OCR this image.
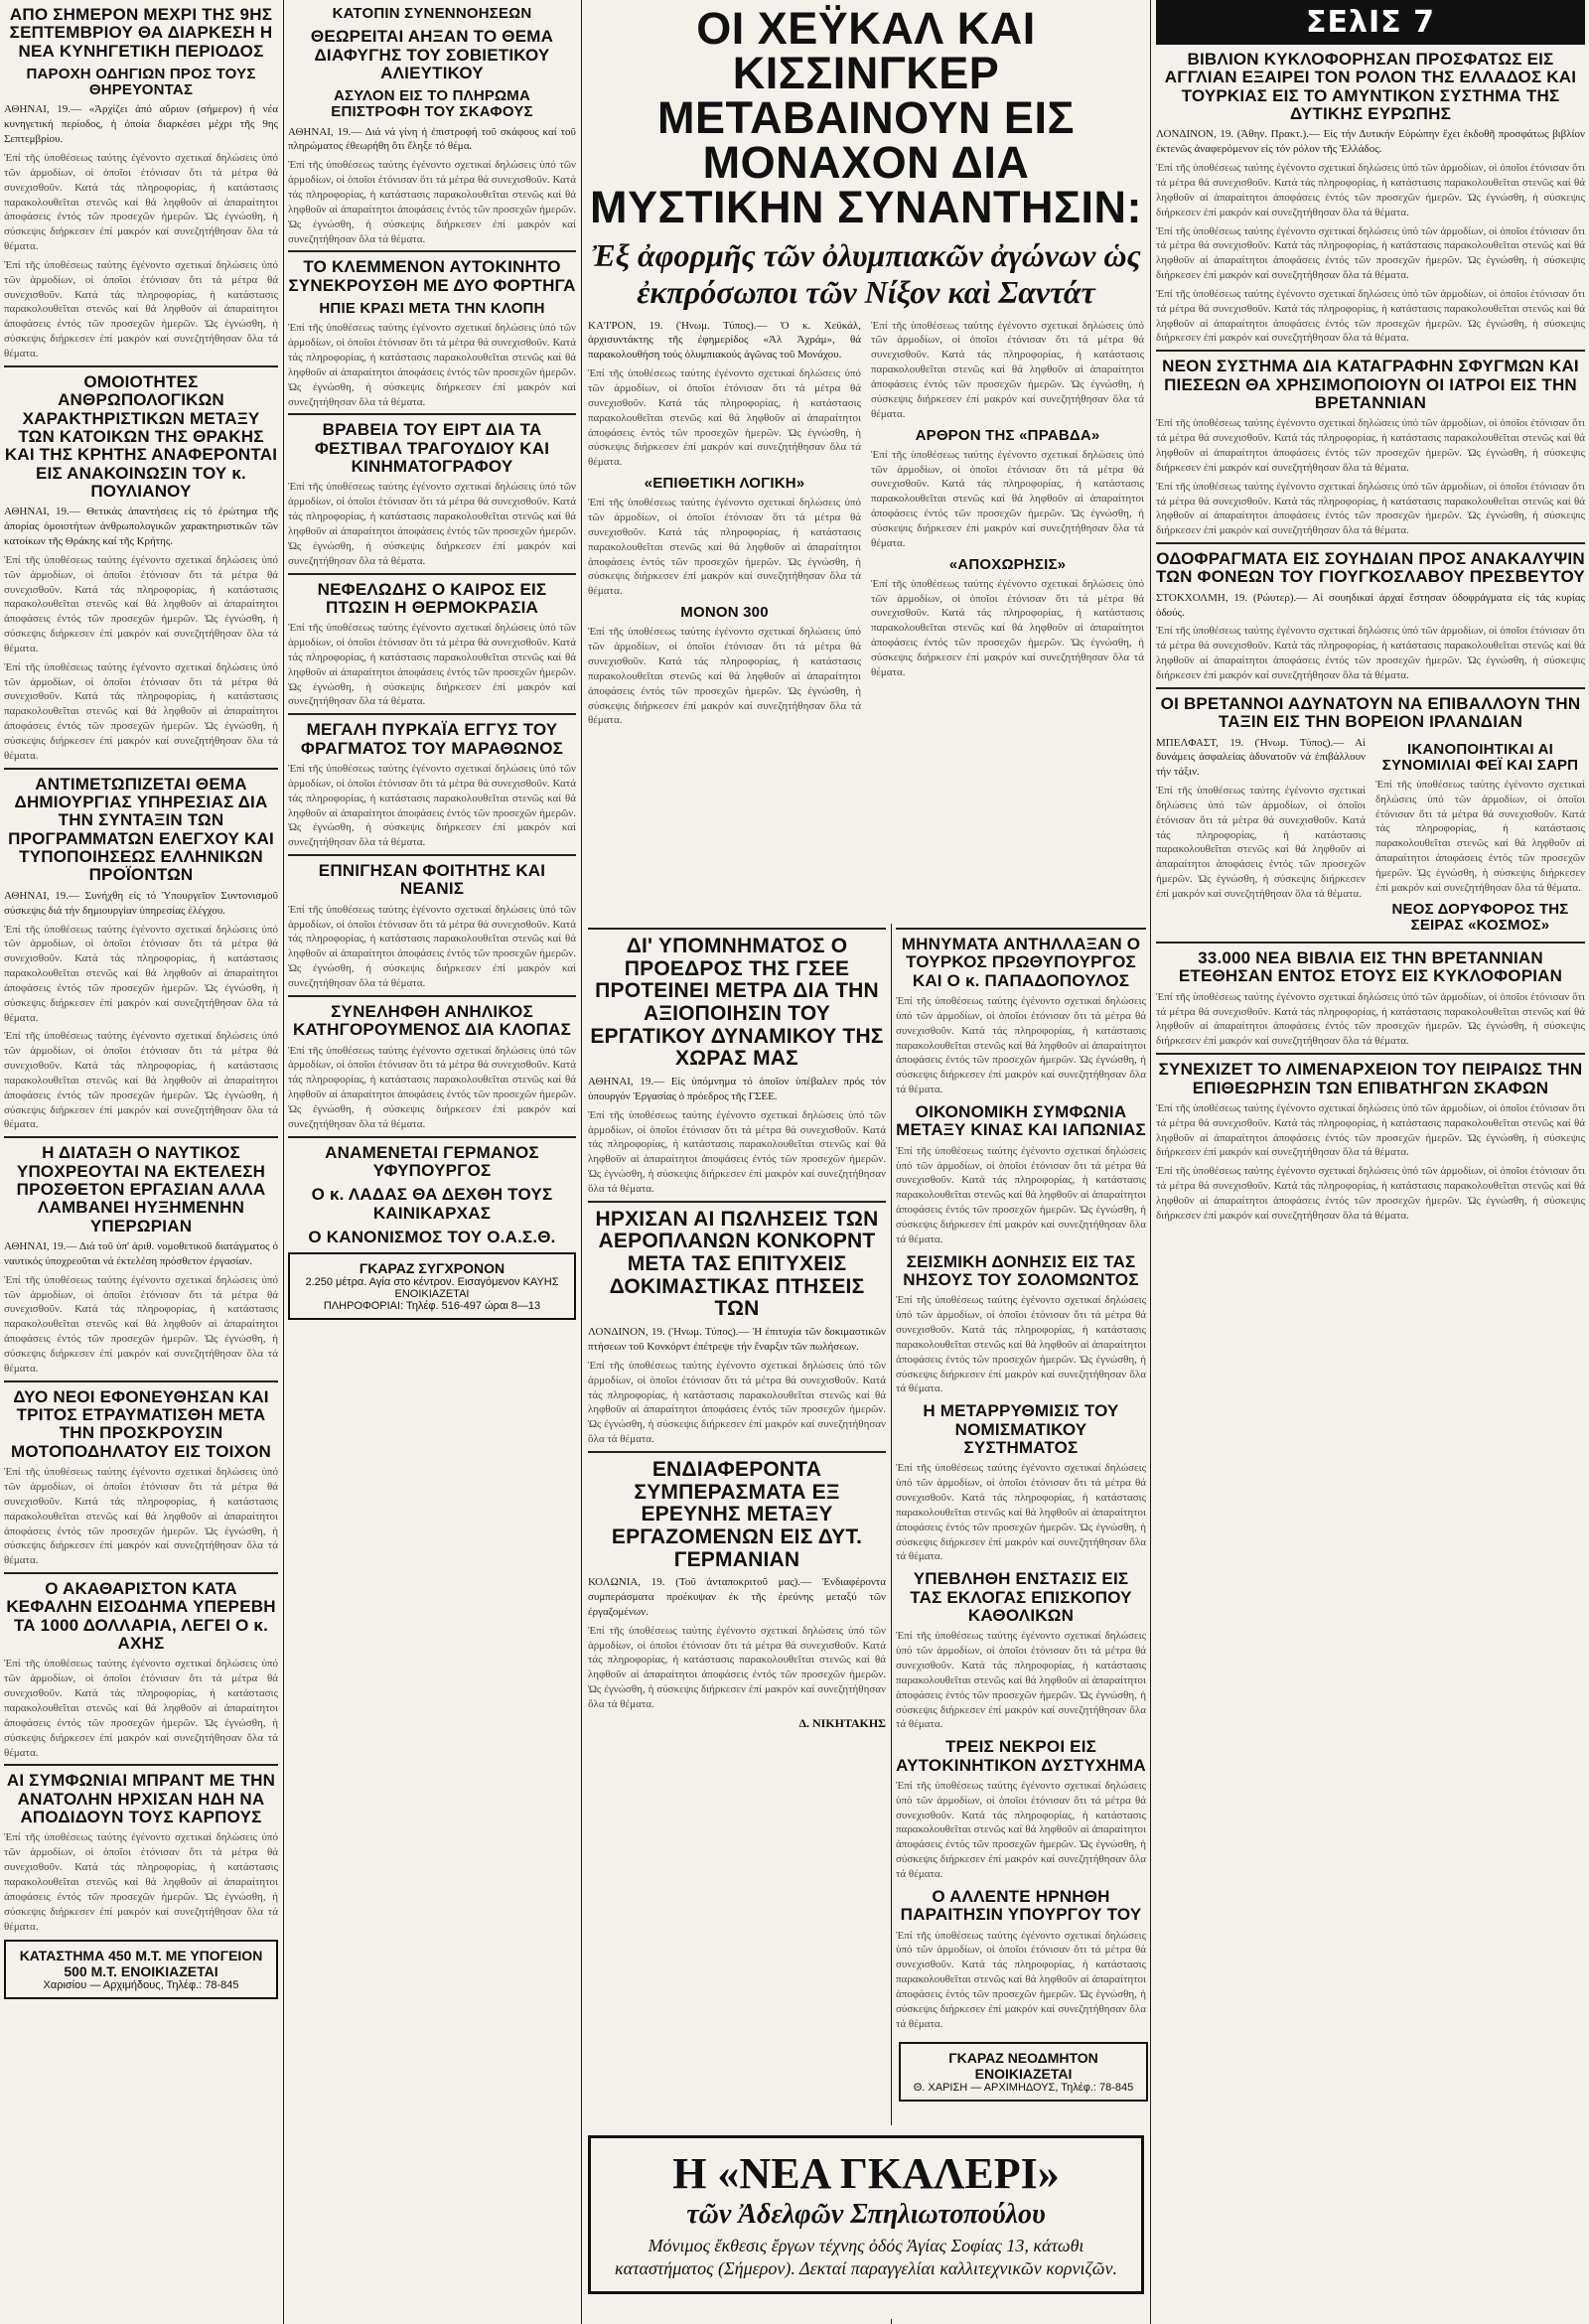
ΑΠΟ ΣΗΜΕΡΟΝ ΜΕΧΡΙ ΤΗΣ 9ΗΣ ΣΕΠΤΕΜΒΡΙΟΥ ΘΑ ΔΙΑΡΚΕΣΗ Η ΝΕΑ ΚΥΝΗΓΕΤΙΚΗ ΠΕΡΙΟΔΟΣ
ΠΑΡΟΧΗ ΟΔΗΓΙΩΝ ΠΡΟΣ ΤΟΥΣ ΘΗΡΕΥΟΝΤΑΣ

ΑΘΗΝΑΙ, 19.— «Ἀρχίζει ἀπό αὔριον (σήμερον) ἡ νέα κυνηγετική περίοδος, ἡ ὁποία διαρκέσει μέχρι τῆς 9ης Σεπτεμβρίου.

Ἐπί τῆς ὑποθέσεως ταύτης ἐγένοντο σχετικαί δηλώσεις ὑπό τῶν ἁρμοδίων, οἱ ὁποῖοι ἐτόνισαν ὅτι τά μέτρα θά συνεχισθοῦν. Κατά τάς πληροφορίας, ἡ κατάστασις παρακολουθεῖται στενῶς καί θά ληφθοῦν αἱ ἀπαραίτητοι ἀποφάσεις ἐντός τῶν προσεχῶν ἡμερῶν. Ὡς ἐγνώσθη, ἡ σύσκεψις διήρκεσεν ἐπί μακρόν καί συνεζητήθησαν ὅλα τά θέματα.

Ἐπί τῆς ὑποθέσεως ταύτης ἐγένοντο σχετικαί δηλώσεις ὑπό τῶν ἁρμοδίων, οἱ ὁποῖοι ἐτόνισαν ὅτι τά μέτρα θά συνεχισθοῦν. Κατά τάς πληροφορίας, ἡ κατάστασις παρακολουθεῖται στενῶς καί θά ληφθοῦν αἱ ἀπαραίτητοι ἀποφάσεις ἐντός τῶν προσεχῶν ἡμερῶν. Ὡς ἐγνώσθη, ἡ σύσκεψις διήρκεσεν ἐπί μακρόν καί συνεζητήθησαν ὅλα τά θέματα.

ΟΜΟΙΟΤΗΤΕΣ ΑΝΘΡΩΠΟΛΟΓΙΚΩΝ ΧΑΡΑΚΤΗΡΙΣΤΙΚΩΝ ΜΕΤΑΞΥ ΤΩΝ ΚΑΤΟΙΚΩΝ ΤΗΣ ΘΡΑΚΗΣ ΚΑΙ ΤΗΣ ΚΡΗΤΗΣ ΑΝΑΦΕΡΟΝΤΑΙ ΕΙΣ ΑΝΑΚΟΙΝΩΣΙΝ ΤΟΥ κ. ΠΟΥΛΙΑΝΟΥ

ΑΘΗΝΑΙ, 19.— Θετικάς ἀπαντήσεις εἰς τό ἐρώτημα τῆς ἀπορίας ὁμοιοτήτων ἀνθρωπολογικῶν χαρακτηριστικῶν τῶν κατοίκων τῆς Θράκης καί τῆς Κρήτης.

Ἐπί τῆς ὑποθέσεως ταύτης ἐγένοντο σχετικαί δηλώσεις ὑπό τῶν ἁρμοδίων, οἱ ὁποῖοι ἐτόνισαν ὅτι τά μέτρα θά συνεχισθοῦν. Κατά τάς πληροφορίας, ἡ κατάστασις παρακολουθεῖται στενῶς καί θά ληφθοῦν αἱ ἀπαραίτητοι ἀποφάσεις ἐντός τῶν προσεχῶν ἡμερῶν. Ὡς ἐγνώσθη, ἡ σύσκεψις διήρκεσεν ἐπί μακρόν καί συνεζητήθησαν ὅλα τά θέματα.

Ἐπί τῆς ὑποθέσεως ταύτης ἐγένοντο σχετικαί δηλώσεις ὑπό τῶν ἁρμοδίων, οἱ ὁποῖοι ἐτόνισαν ὅτι τά μέτρα θά συνεχισθοῦν. Κατά τάς πληροφορίας, ἡ κατάστασις παρακολουθεῖται στενῶς καί θά ληφθοῦν αἱ ἀπαραίτητοι ἀποφάσεις ἐντός τῶν προσεχῶν ἡμερῶν. Ὡς ἐγνώσθη, ἡ σύσκεψις διήρκεσεν ἐπί μακρόν καί συνεζητήθησαν ὅλα τά θέματα.

ΑΝΤΙΜΕΤΩΠΙΖΕΤΑΙ ΘΕΜΑ ΔΗΜΙΟΥΡΓΙΑΣ ΥΠΗΡΕΣΙΑΣ ΔΙΑ ΤΗΝ ΣΥΝΤΑΞΙΝ ΤΩΝ ΠΡΟΓΡΑΜΜΑΤΩΝ ΕΛΕΓΧΟΥ ΚΑΙ ΤΥΠΟΠΟΙΗΣΕΩΣ ΕΛΛΗΝΙΚΩΝ ΠΡΟΪΟΝΤΩΝ

ΑΘΗΝΑΙ, 19.— Συνήχθη εἰς τό Ὑπουργεῖον Συντονισμοῦ σύσκεψις διά τήν δημιουργίαν ὑπηρεσίας ἐλέγχου.

Ἐπί τῆς ὑποθέσεως ταύτης ἐγένοντο σχετικαί δηλώσεις ὑπό τῶν ἁρμοδίων, οἱ ὁποῖοι ἐτόνισαν ὅτι τά μέτρα θά συνεχισθοῦν. Κατά τάς πληροφορίας, ἡ κατάστασις παρακολουθεῖται στενῶς καί θά ληφθοῦν αἱ ἀπαραίτητοι ἀποφάσεις ἐντός τῶν προσεχῶν ἡμερῶν. Ὡς ἐγνώσθη, ἡ σύσκεψις διήρκεσεν ἐπί μακρόν καί συνεζητήθησαν ὅλα τά θέματα.

Ἐπί τῆς ὑποθέσεως ταύτης ἐγένοντο σχετικαί δηλώσεις ὑπό τῶν ἁρμοδίων, οἱ ὁποῖοι ἐτόνισαν ὅτι τά μέτρα θά συνεχισθοῦν. Κατά τάς πληροφορίας, ἡ κατάστασις παρακολουθεῖται στενῶς καί θά ληφθοῦν αἱ ἀπαραίτητοι ἀποφάσεις ἐντός τῶν προσεχῶν ἡμερῶν. Ὡς ἐγνώσθη, ἡ σύσκεψις διήρκεσεν ἐπί μακρόν καί συνεζητήθησαν ὅλα τά θέματα.

Η ΔΙΑΤΑΞΗ Ο ΝΑΥΤΙΚΟΣ ΥΠΟΧΡΕΟΥΤΑΙ ΝΑ ΕΚΤΕΛΕΣΗ ΠΡΟΣΘΕΤΟΝ ΕΡΓΑΣΙΑΝ ΑΛΛΑ ΛΑΜΒΑΝΕΙ ΗΥΞΗΜΕΝΗΝ ΥΠΕΡΩΡΙΑΝ

ΑΘΗΝΑΙ, 19.— Διά τοῦ ὑπ' ἀριθ. νομοθετικοῦ διατάγματος ὁ ναυτικός ὑποχρεοῦται νά ἐκτελέση πρόσθετον ἐργασίαν.

Ἐπί τῆς ὑποθέσεως ταύτης ἐγένοντο σχετικαί δηλώσεις ὑπό τῶν ἁρμοδίων, οἱ ὁποῖοι ἐτόνισαν ὅτι τά μέτρα θά συνεχισθοῦν. Κατά τάς πληροφορίας, ἡ κατάστασις παρακολουθεῖται στενῶς καί θά ληφθοῦν αἱ ἀπαραίτητοι ἀποφάσεις ἐντός τῶν προσεχῶν ἡμερῶν. Ὡς ἐγνώσθη, ἡ σύσκεψις διήρκεσεν ἐπί μακρόν καί συνεζητήθησαν ὅλα τά θέματα.

ΔΥΟ ΝΕΟΙ ΕΦΟΝΕΥΘΗΣΑΝ ΚΑΙ ΤΡΙΤΟΣ ΕΤΡΑΥΜΑΤΙΣΘΗ ΜΕΤΑ ΤΗΝ ΠΡΟΣΚΡΟΥΣΙΝ ΜΟΤΟΠΟΔΗΛΑΤΟΥ ΕΙΣ ΤΟΙΧΟΝ

Ἐπί τῆς ὑποθέσεως ταύτης ἐγένοντο σχετικαί δηλώσεις ὑπό τῶν ἁρμοδίων, οἱ ὁποῖοι ἐτόνισαν ὅτι τά μέτρα θά συνεχισθοῦν. Κατά τάς πληροφορίας, ἡ κατάστασις παρακολουθεῖται στενῶς καί θά ληφθοῦν αἱ ἀπαραίτητοι ἀποφάσεις ἐντός τῶν προσεχῶν ἡμερῶν. Ὡς ἐγνώσθη, ἡ σύσκεψις διήρκεσεν ἐπί μακρόν καί συνεζητήθησαν ὅλα τά θέματα.

Ο ΑΚΑΘΑΡΙΣΤΟΝ ΚΑΤΑ ΚΕΦΑΛΗΝ ΕΙΣΟΔΗΜΑ ΥΠΕΡΕΒΗ ΤΑ 1000 ΔΟΛΛΑΡΙΑ, ΛΕΓΕΙ Ο κ. ΑΧΗΣ

Ἐπί τῆς ὑποθέσεως ταύτης ἐγένοντο σχετικαί δηλώσεις ὑπό τῶν ἁρμοδίων, οἱ ὁποῖοι ἐτόνισαν ὅτι τά μέτρα θά συνεχισθοῦν. Κατά τάς πληροφορίας, ἡ κατάστασις παρακολουθεῖται στενῶς καί θά ληφθοῦν αἱ ἀπαραίτητοι ἀποφάσεις ἐντός τῶν προσεχῶν ἡμερῶν. Ὡς ἐγνώσθη, ἡ σύσκεψις διήρκεσεν ἐπί μακρόν καί συνεζητήθησαν ὅλα τά θέματα.

ΑΙ ΣΥΜΦΩΝΙΑΙ ΜΠΡΑΝΤ ΜΕ ΤΗΝ ΑΝΑΤΟΛΗΝ ΗΡΧΙΣΑΝ ΗΔΗ ΝΑ ΑΠΟΔΙΔΟΥΝ ΤΟΥΣ ΚΑΡΠΟΥΣ

Ἐπί τῆς ὑποθέσεως ταύτης ἐγένοντο σχετικαί δηλώσεις ὑπό τῶν ἁρμοδίων, οἱ ὁποῖοι ἐτόνισαν ὅτι τά μέτρα θά συνεχισθοῦν. Κατά τάς πληροφορίας, ἡ κατάστασις παρακολουθεῖται στενῶς καί θά ληφθοῦν αἱ ἀπαραίτητοι ἀποφάσεις ἐντός τῶν προσεχῶν ἡμερῶν. Ὡς ἐγνώσθη, ἡ σύσκεψις διήρκεσεν ἐπί μακρόν καί συνεζητήθησαν ὅλα τά θέματα.

ΚΑΤΑΣΤΗΜΑ 450 Μ.Τ. ΜΕ ΥΠΟΓΕΙΟΝ 500 Μ.Τ. ΕΝΟΙΚΙΑΖΕΤΑΙ
Χαρισίου — Αρχιμήδους, Τηλέφ.: 78-845
ΚΑΤΟΠΙΝ ΣΥΝΕΝΝΟΗΣΕΩΝ
ΘΕΩΡΕΙΤΑΙ ΑΗΞΑΝ ΤΟ ΘΕΜΑ ΔΙΑΦΥΓΗΣ ΤΟΥ ΣΟΒΙΕΤΙΚΟΥ ΑΛΙΕΥΤΙΚΟΥ
ΑΣΥΛΟΝ ΕΙΣ ΤΟ ΠΛΗΡΩΜΑ ΕΠΙΣΤΡΟΦΗ ΤΟΥ ΣΚΑΦΟΥΣ

ΑΘΗΝΑΙ, 19.— Διά νά γίνη ἡ ἐπιστροφή τοῦ σκάφους καί τοῦ πληρώματος ἐθεωρήθη ὅτι ἔληξε τό θέμα.

Ἐπί τῆς ὑποθέσεως ταύτης ἐγένοντο σχετικαί δηλώσεις ὑπό τῶν ἁρμοδίων, οἱ ὁποῖοι ἐτόνισαν ὅτι τά μέτρα θά συνεχισθοῦν. Κατά τάς πληροφορίας, ἡ κατάστασις παρακολουθεῖται στενῶς καί θά ληφθοῦν αἱ ἀπαραίτητοι ἀποφάσεις ἐντός τῶν προσεχῶν ἡμερῶν. Ὡς ἐγνώσθη, ἡ σύσκεψις διήρκεσεν ἐπί μακρόν καί συνεζητήθησαν ὅλα τά θέματα.

ΤΟ ΚΛΕΜΜΕΝΟΝ ΑΥΤΟΚΙΝΗΤΟ ΣΥΝΕΚΡΟΥΣΘΗ ΜΕ ΔΥΟ ΦΟΡΤΗΓΑ
ΗΠΙΕ ΚΡΑΣΙ ΜΕΤΑ ΤΗΝ ΚΛΟΠΗ

Ἐπί τῆς ὑποθέσεως ταύτης ἐγένοντο σχετικαί δηλώσεις ὑπό τῶν ἁρμοδίων, οἱ ὁποῖοι ἐτόνισαν ὅτι τά μέτρα θά συνεχισθοῦν. Κατά τάς πληροφορίας, ἡ κατάστασις παρακολουθεῖται στενῶς καί θά ληφθοῦν αἱ ἀπαραίτητοι ἀποφάσεις ἐντός τῶν προσεχῶν ἡμερῶν. Ὡς ἐγνώσθη, ἡ σύσκεψις διήρκεσεν ἐπί μακρόν καί συνεζητήθησαν ὅλα τά θέματα.

ΒΡΑΒΕΙΑ ΤΟΥ ΕΙΡΤ ΔΙΑ ΤΑ ΦΕΣΤΙΒΑΛ ΤΡΑΓΟΥΔΙΟΥ ΚΑΙ ΚΙΝΗΜΑΤΟΓΡΑΦΟΥ

Ἐπί τῆς ὑποθέσεως ταύτης ἐγένοντο σχετικαί δηλώσεις ὑπό τῶν ἁρμοδίων, οἱ ὁποῖοι ἐτόνισαν ὅτι τά μέτρα θά συνεχισθοῦν. Κατά τάς πληροφορίας, ἡ κατάστασις παρακολουθεῖται στενῶς καί θά ληφθοῦν αἱ ἀπαραίτητοι ἀποφάσεις ἐντός τῶν προσεχῶν ἡμερῶν. Ὡς ἐγνώσθη, ἡ σύσκεψις διήρκεσεν ἐπί μακρόν καί συνεζητήθησαν ὅλα τά θέματα.

ΝΕΦΕΛΩΔΗΣ Ο ΚΑΙΡΟΣ ΕΙΣ ΠΤΩΣΙΝ Η ΘΕΡΜΟΚΡΑΣΙΑ

Ἐπί τῆς ὑποθέσεως ταύτης ἐγένοντο σχετικαί δηλώσεις ὑπό τῶν ἁρμοδίων, οἱ ὁποῖοι ἐτόνισαν ὅτι τά μέτρα θά συνεχισθοῦν. Κατά τάς πληροφορίας, ἡ κατάστασις παρακολουθεῖται στενῶς καί θά ληφθοῦν αἱ ἀπαραίτητοι ἀποφάσεις ἐντός τῶν προσεχῶν ἡμερῶν. Ὡς ἐγνώσθη, ἡ σύσκεψις διήρκεσεν ἐπί μακρόν καί συνεζητήθησαν ὅλα τά θέματα.

ΜΕΓΑΛΗ ΠΥΡΚΑΪΑ ΕΓΓΥΣ ΤΟΥ ΦΡΑΓΜΑΤΟΣ ΤΟΥ ΜΑΡΑΘΩΝΟΣ

Ἐπί τῆς ὑποθέσεως ταύτης ἐγένοντο σχετικαί δηλώσεις ὑπό τῶν ἁρμοδίων, οἱ ὁποῖοι ἐτόνισαν ὅτι τά μέτρα θά συνεχισθοῦν. Κατά τάς πληροφορίας, ἡ κατάστασις παρακολουθεῖται στενῶς καί θά ληφθοῦν αἱ ἀπαραίτητοι ἀποφάσεις ἐντός τῶν προσεχῶν ἡμερῶν. Ὡς ἐγνώσθη, ἡ σύσκεψις διήρκεσεν ἐπί μακρόν καί συνεζητήθησαν ὅλα τά θέματα.

ΕΠΝΙΓΗΣΑΝ ΦΟΙΤΗΤΗΣ ΚΑΙ ΝΕΑΝΙΣ

Ἐπί τῆς ὑποθέσεως ταύτης ἐγένοντο σχετικαί δηλώσεις ὑπό τῶν ἁρμοδίων, οἱ ὁποῖοι ἐτόνισαν ὅτι τά μέτρα θά συνεχισθοῦν. Κατά τάς πληροφορίας, ἡ κατάστασις παρακολουθεῖται στενῶς καί θά ληφθοῦν αἱ ἀπαραίτητοι ἀποφάσεις ἐντός τῶν προσεχῶν ἡμερῶν. Ὡς ἐγνώσθη, ἡ σύσκεψις διήρκεσεν ἐπί μακρόν καί συνεζητήθησαν ὅλα τά θέματα.

ΣΥΝΕΛΗΦΘΗ ΑΝΗΛΙΚΟΣ ΚΑΤΗΓΟΡΟΥΜΕΝΟΣ ΔΙΑ ΚΛΟΠΑΣ

Ἐπί τῆς ὑποθέσεως ταύτης ἐγένοντο σχετικαί δηλώσεις ὑπό τῶν ἁρμοδίων, οἱ ὁποῖοι ἐτόνισαν ὅτι τά μέτρα θά συνεχισθοῦν. Κατά τάς πληροφορίας, ἡ κατάστασις παρακολουθεῖται στενῶς καί θά ληφθοῦν αἱ ἀπαραίτητοι ἀποφάσεις ἐντός τῶν προσεχῶν ἡμερῶν. Ὡς ἐγνώσθη, ἡ σύσκεψις διήρκεσεν ἐπί μακρόν καί συνεζητήθησαν ὅλα τά θέματα.

ΑΝΑΜΕΝΕΤΑΙ ΓΕΡΜΑΝΟΣ ΥΦΥΠΟΥΡΓΟΣ
Ο κ. ΛΑΔΑΣ ΘΑ ΔΕΧΘΗ ΤΟΥΣ ΚΑΙΝΙΚΑΡΧΑΣ
Ο ΚΑΝΟΝΙΣΜΟΣ ΤΟΥ Ο.Α.Σ.Θ.
ΓΚΑΡΑΖ ΣΥΓΧΡΟΝΟΝ
2.250 μέτρα. Αγία στο κέντρον. Εισαγόμενον ΚΑΥΗΣ ΕΝΟΙΚΙΑΖΕΤΑΙ
ΠΛΗΡΟΦΟΡΙΑΙ: Τηλέφ. 516-497 ώραι 8—13
ΟΙ ΧΕΫΚΑΛ ΚΑΙ ΚΙΣΣΙΝΓΚΕΡ ΜΕΤΑΒΑΙΝΟΥΝ ΕΙΣ ΜΟΝΑΧΟΝ ΔΙΑ ΜΥΣΤΙΚΗΝ ΣΥΝΑΝΤΗΣΙΝ:
Ἐξ ἀφορμῆς τῶν ὀλυμπιακῶν ἀγώνων ὡς ἐκπρόσωποι τῶν Νίξον καὶ Σαντάτ

ΚΑ'Ι'ΡΟΝ, 19. (Ἡνωμ. Τύπος).— Ὁ κ. Χεϋκάλ, ἀρχισυντάκτης τῆς ἐφημερίδος «Ἀλ Ἀχράμ», θά παρακολουθήση τούς ὀλυμπιακούς ἀγῶνας τοῦ Μονάχου.

Ἐπί τῆς ὑποθέσεως ταύτης ἐγένοντο σχετικαί δηλώσεις ὑπό τῶν ἁρμοδίων, οἱ ὁποῖοι ἐτόνισαν ὅτι τά μέτρα θά συνεχισθοῦν. Κατά τάς πληροφορίας, ἡ κατάστασις παρακολουθεῖται στενῶς καί θά ληφθοῦν αἱ ἀπαραίτητοι ἀποφάσεις ἐντός τῶν προσεχῶν ἡμερῶν. Ὡς ἐγνώσθη, ἡ σύσκεψις διήρκεσεν ἐπί μακρόν καί συνεζητήθησαν ὅλα τά θέματα.

«ΕΠΙΘΕΤΙΚΗ ΛΟΓΙΚΗ»

Ἐπί τῆς ὑποθέσεως ταύτης ἐγένοντο σχετικαί δηλώσεις ὑπό τῶν ἁρμοδίων, οἱ ὁποῖοι ἐτόνισαν ὅτι τά μέτρα θά συνεχισθοῦν. Κατά τάς πληροφορίας, ἡ κατάστασις παρακολουθεῖται στενῶς καί θά ληφθοῦν αἱ ἀπαραίτητοι ἀποφάσεις ἐντός τῶν προσεχῶν ἡμερῶν. Ὡς ἐγνώσθη, ἡ σύσκεψις διήρκεσεν ἐπί μακρόν καί συνεζητήθησαν ὅλα τά θέματα.

ΜΟΝΟΝ 300

Ἐπί τῆς ὑποθέσεως ταύτης ἐγένοντο σχετικαί δηλώσεις ὑπό τῶν ἁρμοδίων, οἱ ὁποῖοι ἐτόνισαν ὅτι τά μέτρα θά συνεχισθοῦν. Κατά τάς πληροφορίας, ἡ κατάστασις παρακολουθεῖται στενῶς καί θά ληφθοῦν αἱ ἀπαραίτητοι ἀποφάσεις ἐντός τῶν προσεχῶν ἡμερῶν. Ὡς ἐγνώσθη, ἡ σύσκεψις διήρκεσεν ἐπί μακρόν καί συνεζητήθησαν ὅλα τά θέματα.

Ἐπί τῆς ὑποθέσεως ταύτης ἐγένοντο σχετικαί δηλώσεις ὑπό τῶν ἁρμοδίων, οἱ ὁποῖοι ἐτόνισαν ὅτι τά μέτρα θά συνεχισθοῦν. Κατά τάς πληροφορίας, ἡ κατάστασις παρακολουθεῖται στενῶς καί θά ληφθοῦν αἱ ἀπαραίτητοι ἀποφάσεις ἐντός τῶν προσεχῶν ἡμερῶν. Ὡς ἐγνώσθη, ἡ σύσκεψις διήρκεσεν ἐπί μακρόν καί συνεζητήθησαν ὅλα τά θέματα.

ΑΡΘΡΟΝ ΤΗΣ «ΠΡΑΒΔΑ»

Ἐπί τῆς ὑποθέσεως ταύτης ἐγένοντο σχετικαί δηλώσεις ὑπό τῶν ἁρμοδίων, οἱ ὁποῖοι ἐτόνισαν ὅτι τά μέτρα θά συνεχισθοῦν. Κατά τάς πληροφορίας, ἡ κατάστασις παρακολουθεῖται στενῶς καί θά ληφθοῦν αἱ ἀπαραίτητοι ἀποφάσεις ἐντός τῶν προσεχῶν ἡμερῶν. Ὡς ἐγνώσθη, ἡ σύσκεψις διήρκεσεν ἐπί μακρόν καί συνεζητήθησαν ὅλα τά θέματα.

«ΑΠΟΧΩΡΗΣΙΣ»

Ἐπί τῆς ὑποθέσεως ταύτης ἐγένοντο σχετικαί δηλώσεις ὑπό τῶν ἁρμοδίων, οἱ ὁποῖοι ἐτόνισαν ὅτι τά μέτρα θά συνεχισθοῦν. Κατά τάς πληροφορίας, ἡ κατάστασις παρακολουθεῖται στενῶς καί θά ληφθοῦν αἱ ἀπαραίτητοι ἀποφάσεις ἐντός τῶν προσεχῶν ἡμερῶν. Ὡς ἐγνώσθη, ἡ σύσκεψις διήρκεσεν ἐπί μακρόν καί συνεζητήθησαν ὅλα τά θέματα.

ΔΙ' ΥΠΟΜΝΗΜΑΤΟΣ Ο ΠΡΟΕΔΡΟΣ ΤΗΣ ΓΣΕΕ ΠΡΟΤΕΙΝΕΙ ΜΕΤΡΑ ΔΙΑ ΤΗΝ ΑΞΙΟΠΟΙΗΣΙΝ ΤΟΥ ΕΡΓΑΤΙΚΟΥ ΔΥΝΑΜΙΚΟΥ ΤΗΣ ΧΩΡΑΣ ΜΑΣ

ΑΘΗΝΑΙ, 19.— Εἰς ὑπόμνημα τό ὁποῖον ὑπέβαλεν πρός τόν ὑπουργόν Ἐργασίας ὁ πρόεδρος τῆς ΓΣΕΕ.

Ἐπί τῆς ὑποθέσεως ταύτης ἐγένοντο σχετικαί δηλώσεις ὑπό τῶν ἁρμοδίων, οἱ ὁποῖοι ἐτόνισαν ὅτι τά μέτρα θά συνεχισθοῦν. Κατά τάς πληροφορίας, ἡ κατάστασις παρακολουθεῖται στενῶς καί θά ληφθοῦν αἱ ἀπαραίτητοι ἀποφάσεις ἐντός τῶν προσεχῶν ἡμερῶν. Ὡς ἐγνώσθη, ἡ σύσκεψις διήρκεσεν ἐπί μακρόν καί συνεζητήθησαν ὅλα τά θέματα.

ΗΡΧΙΣΑΝ ΑΙ ΠΩΛΗΣΕΙΣ ΤΩΝ ΑΕΡΟΠΛΑΝΩΝ ΚΟΝΚΟΡΝΤ ΜΕΤΑ ΤΑΣ ΕΠΙΤΥΧΕΙΣ ΔΟΚΙΜΑΣΤΙΚΑΣ ΠΤΗΣΕΙΣ ΤΩΝ

ΛΟΝΔΙΝΟΝ, 19. (Ἡνωμ. Τύπος).— Ἡ ἐπιτυχία τῶν δοκιμαστικῶν πτήσεων τοῦ Κονκόρντ ἐπέτρεψε τήν ἔναρξιν τῶν πωλήσεων.

Ἐπί τῆς ὑποθέσεως ταύτης ἐγένοντο σχετικαί δηλώσεις ὑπό τῶν ἁρμοδίων, οἱ ὁποῖοι ἐτόνισαν ὅτι τά μέτρα θά συνεχισθοῦν. Κατά τάς πληροφορίας, ἡ κατάστασις παρακολουθεῖται στενῶς καί θά ληφθοῦν αἱ ἀπαραίτητοι ἀποφάσεις ἐντός τῶν προσεχῶν ἡμερῶν. Ὡς ἐγνώσθη, ἡ σύσκεψις διήρκεσεν ἐπί μακρόν καί συνεζητήθησαν ὅλα τά θέματα.

ΕΝΔΙΑΦΕΡΟΝΤΑ ΣΥΜΠΕΡΑΣΜΑΤΑ ΕΞ ΕΡΕΥΝΗΣ ΜΕΤΑΞΥ ΕΡΓΑΖΟΜΕΝΩΝ ΕΙΣ ΔΥΤ. ΓΕΡΜΑΝΙΑΝ

ΚΟΛΩΝΙΑ, 19. (Τοῦ ἀνταποκριτοῦ μας).— Ἐνδιαφέροντα συμπεράσματα προέκυψαν ἐκ τῆς ἐρεύνης μεταξύ τῶν ἐργαζομένων.

Ἐπί τῆς ὑποθέσεως ταύτης ἐγένοντο σχετικαί δηλώσεις ὑπό τῶν ἁρμοδίων, οἱ ὁποῖοι ἐτόνισαν ὅτι τά μέτρα θά συνεχισθοῦν. Κατά τάς πληροφορίας, ἡ κατάστασις παρακολουθεῖται στενῶς καί θά ληφθοῦν αἱ ἀπαραίτητοι ἀποφάσεις ἐντός τῶν προσεχῶν ἡμερῶν. Ὡς ἐγνώσθη, ἡ σύσκεψις διήρκεσεν ἐπί μακρόν καί συνεζητήθησαν ὅλα τά θέματα.

Δ. ΝΙΚΗΤΑΚΗΣ
ΜΗΝΥΜΑΤΑ ΑΝΤΗΛΛΑΞΑΝ Ο ΤΟΥΡΚΟΣ ΠΡΩΘΥΠΟΥΡΓΟΣ ΚΑΙ Ο κ. ΠΑΠΑΔΟΠΟΥΛΟΣ

Ἐπί τῆς ὑποθέσεως ταύτης ἐγένοντο σχετικαί δηλώσεις ὑπό τῶν ἁρμοδίων, οἱ ὁποῖοι ἐτόνισαν ὅτι τά μέτρα θά συνεχισθοῦν. Κατά τάς πληροφορίας, ἡ κατάστασις παρακολουθεῖται στενῶς καί θά ληφθοῦν αἱ ἀπαραίτητοι ἀποφάσεις ἐντός τῶν προσεχῶν ἡμερῶν. Ὡς ἐγνώσθη, ἡ σύσκεψις διήρκεσεν ἐπί μακρόν καί συνεζητήθησαν ὅλα τά θέματα.

ΟΙΚΟΝΟΜΙΚΗ ΣΥΜΦΩΝΙΑ ΜΕΤΑΞΥ ΚΙΝΑΣ ΚΑΙ ΙΑΠΩΝΙΑΣ

Ἐπί τῆς ὑποθέσεως ταύτης ἐγένοντο σχετικαί δηλώσεις ὑπό τῶν ἁρμοδίων, οἱ ὁποῖοι ἐτόνισαν ὅτι τά μέτρα θά συνεχισθοῦν. Κατά τάς πληροφορίας, ἡ κατάστασις παρακολουθεῖται στενῶς καί θά ληφθοῦν αἱ ἀπαραίτητοι ἀποφάσεις ἐντός τῶν προσεχῶν ἡμερῶν. Ὡς ἐγνώσθη, ἡ σύσκεψις διήρκεσεν ἐπί μακρόν καί συνεζητήθησαν ὅλα τά θέματα.

ΣΕΙΣΜΙΚΗ ΔΟΝΗΣΙΣ ΕΙΣ ΤΑΣ ΝΗΣΟΥΣ ΤΟΥ ΣΟΛΟΜΩΝΤΟΣ

Ἐπί τῆς ὑποθέσεως ταύτης ἐγένοντο σχετικαί δηλώσεις ὑπό τῶν ἁρμοδίων, οἱ ὁποῖοι ἐτόνισαν ὅτι τά μέτρα θά συνεχισθοῦν. Κατά τάς πληροφορίας, ἡ κατάστασις παρακολουθεῖται στενῶς καί θά ληφθοῦν αἱ ἀπαραίτητοι ἀποφάσεις ἐντός τῶν προσεχῶν ἡμερῶν. Ὡς ἐγνώσθη, ἡ σύσκεψις διήρκεσεν ἐπί μακρόν καί συνεζητήθησαν ὅλα τά θέματα.

Η ΜΕΤΑΡΡΥΘΜΙΣΙΣ ΤΟΥ ΝΟΜΙΣΜΑΤΙΚΟΥ ΣΥΣΤΗΜΑΤΟΣ

Ἐπί τῆς ὑποθέσεως ταύτης ἐγένοντο σχετικαί δηλώσεις ὑπό τῶν ἁρμοδίων, οἱ ὁποῖοι ἐτόνισαν ὅτι τά μέτρα θά συνεχισθοῦν. Κατά τάς πληροφορίας, ἡ κατάστασις παρακολουθεῖται στενῶς καί θά ληφθοῦν αἱ ἀπαραίτητοι ἀποφάσεις ἐντός τῶν προσεχῶν ἡμερῶν. Ὡς ἐγνώσθη, ἡ σύσκεψις διήρκεσεν ἐπί μακρόν καί συνεζητήθησαν ὅλα τά θέματα.

ΥΠΕΒΛΗΘΗ ΕΝΣΤΑΣΙΣ ΕΙΣ ΤΑΣ ΕΚΛΟΓΑΣ ΕΠΙΣΚΟΠΟΥ ΚΑΘΟΛΙΚΩΝ

Ἐπί τῆς ὑποθέσεως ταύτης ἐγένοντο σχετικαί δηλώσεις ὑπό τῶν ἁρμοδίων, οἱ ὁποῖοι ἐτόνισαν ὅτι τά μέτρα θά συνεχισθοῦν. Κατά τάς πληροφορίας, ἡ κατάστασις παρακολουθεῖται στενῶς καί θά ληφθοῦν αἱ ἀπαραίτητοι ἀποφάσεις ἐντός τῶν προσεχῶν ἡμερῶν. Ὡς ἐγνώσθη, ἡ σύσκεψις διήρκεσεν ἐπί μακρόν καί συνεζητήθησαν ὅλα τά θέματα.

ΤΡΕΙΣ ΝΕΚΡΟΙ ΕΙΣ ΑΥΤΟΚΙΝΗΤΙΚΟΝ ΔΥΣΤΥΧΗΜΑ

Ἐπί τῆς ὑποθέσεως ταύτης ἐγένοντο σχετικαί δηλώσεις ὑπό τῶν ἁρμοδίων, οἱ ὁποῖοι ἐτόνισαν ὅτι τά μέτρα θά συνεχισθοῦν. Κατά τάς πληροφορίας, ἡ κατάστασις παρακολουθεῖται στενῶς καί θά ληφθοῦν αἱ ἀπαραίτητοι ἀποφάσεις ἐντός τῶν προσεχῶν ἡμερῶν. Ὡς ἐγνώσθη, ἡ σύσκεψις διήρκεσεν ἐπί μακρόν καί συνεζητήθησαν ὅλα τά θέματα.

Ο ΑΛΛΕΝΤΕ ΗΡΝΗΘΗ ΠΑΡΑΙΤΗΣΙΝ ΥΠΟΥΡΓΟΥ ΤΟΥ

Ἐπί τῆς ὑποθέσεως ταύτης ἐγένοντο σχετικαί δηλώσεις ὑπό τῶν ἁρμοδίων, οἱ ὁποῖοι ἐτόνισαν ὅτι τά μέτρα θά συνεχισθοῦν. Κατά τάς πληροφορίας, ἡ κατάστασις παρακολουθεῖται στενῶς καί θά ληφθοῦν αἱ ἀπαραίτητοι ἀποφάσεις ἐντός τῶν προσεχῶν ἡμερῶν. Ὡς ἐγνώσθη, ἡ σύσκεψις διήρκεσεν ἐπί μακρόν καί συνεζητήθησαν ὅλα τά θέματα.

Η «ΝΕΑ ΓΚΑΛΕΡΙ»
τῶν Ἀδελφῶν Σπηλιωτοπούλου
Μόνιμος ἔκθεσις ἔργων τέχνης ὁδός Ἁγίας Σοφίας 13, κάτωθι καταστήματος (Σήμερον). Δεκταί παραγγελίαι καλλιτεχνικῶν κορνιζῶν.
ΓΚΑΡΑΖ ΝΕΟΔΜΗΤΟΝ ΕΝΟΙΚΙΑΖΕΤΑΙ
Θ. ΧΑΡΙΣΗ — ΑΡΧΙΜΗΔΟΥΣ, Τηλέφ.: 78-845
ΣΕλΙΣ 7
ΒΙΒΛΙΟΝ ΚΥΚΛΟΦΟΡΗΣΑΝ ΠΡΟΣΦΑΤΩΣ ΕΙΣ ΑΓΓΛΙΑΝ ΕΞΑΙΡΕΙ ΤΟΝ ΡΟΛΟΝ ΤΗΣ ΕΛΛΑΔΟΣ ΚΑΙ ΤΟΥΡΚΙΑΣ ΕΙΣ ΤΟ ΑΜΥΝΤΙΚΟΝ ΣΥΣΤΗΜΑ ΤΗΣ ΔΥΤΙΚΗΣ ΕΥΡΩΠΗΣ

ΛΟΝΔΙΝΟΝ, 19. (Ἀθην. Πρακτ.).— Εἰς τήν Δυτικήν Εὐρώπην ἔχει ἐκδοθῆ προσφάτως βιβλίον ἐκτενῶς ἀναφερόμενον εἰς τόν ρόλον τῆς Ἑλλάδος.

Ἐπί τῆς ὑποθέσεως ταύτης ἐγένοντο σχετικαί δηλώσεις ὑπό τῶν ἁρμοδίων, οἱ ὁποῖοι ἐτόνισαν ὅτι τά μέτρα θά συνεχισθοῦν. Κατά τάς πληροφορίας, ἡ κατάστασις παρακολουθεῖται στενῶς καί θά ληφθοῦν αἱ ἀπαραίτητοι ἀποφάσεις ἐντός τῶν προσεχῶν ἡμερῶν. Ὡς ἐγνώσθη, ἡ σύσκεψις διήρκεσεν ἐπί μακρόν καί συνεζητήθησαν ὅλα τά θέματα.

Ἐπί τῆς ὑποθέσεως ταύτης ἐγένοντο σχετικαί δηλώσεις ὑπό τῶν ἁρμοδίων, οἱ ὁποῖοι ἐτόνισαν ὅτι τά μέτρα θά συνεχισθοῦν. Κατά τάς πληροφορίας, ἡ κατάστασις παρακολουθεῖται στενῶς καί θά ληφθοῦν αἱ ἀπαραίτητοι ἀποφάσεις ἐντός τῶν προσεχῶν ἡμερῶν. Ὡς ἐγνώσθη, ἡ σύσκεψις διήρκεσεν ἐπί μακρόν καί συνεζητήθησαν ὅλα τά θέματα.

Ἐπί τῆς ὑποθέσεως ταύτης ἐγένοντο σχετικαί δηλώσεις ὑπό τῶν ἁρμοδίων, οἱ ὁποῖοι ἐτόνισαν ὅτι τά μέτρα θά συνεχισθοῦν. Κατά τάς πληροφορίας, ἡ κατάστασις παρακολουθεῖται στενῶς καί θά ληφθοῦν αἱ ἀπαραίτητοι ἀποφάσεις ἐντός τῶν προσεχῶν ἡμερῶν. Ὡς ἐγνώσθη, ἡ σύσκεψις διήρκεσεν ἐπί μακρόν καί συνεζητήθησαν ὅλα τά θέματα.

ΝΕΟΝ ΣΥΣΤΗΜΑ ΔΙΑ ΚΑΤΑΓΡΑΦΗΝ ΣΦΥΓΜΩΝ ΚΑΙ ΠΙΕΣΕΩΝ ΘΑ ΧΡΗΣΙΜΟΠΟΙΟΥΝ ΟΙ ΙΑΤΡΟΙ ΕΙΣ ΤΗΝ ΒΡΕΤΑΝΝΙΑΝ

Ἐπί τῆς ὑποθέσεως ταύτης ἐγένοντο σχετικαί δηλώσεις ὑπό τῶν ἁρμοδίων, οἱ ὁποῖοι ἐτόνισαν ὅτι τά μέτρα θά συνεχισθοῦν. Κατά τάς πληροφορίας, ἡ κατάστασις παρακολουθεῖται στενῶς καί θά ληφθοῦν αἱ ἀπαραίτητοι ἀποφάσεις ἐντός τῶν προσεχῶν ἡμερῶν. Ὡς ἐγνώσθη, ἡ σύσκεψις διήρκεσεν ἐπί μακρόν καί συνεζητήθησαν ὅλα τά θέματα.

Ἐπί τῆς ὑποθέσεως ταύτης ἐγένοντο σχετικαί δηλώσεις ὑπό τῶν ἁρμοδίων, οἱ ὁποῖοι ἐτόνισαν ὅτι τά μέτρα θά συνεχισθοῦν. Κατά τάς πληροφορίας, ἡ κατάστασις παρακολουθεῖται στενῶς καί θά ληφθοῦν αἱ ἀπαραίτητοι ἀποφάσεις ἐντός τῶν προσεχῶν ἡμερῶν. Ὡς ἐγνώσθη, ἡ σύσκεψις διήρκεσεν ἐπί μακρόν καί συνεζητήθησαν ὅλα τά θέματα.

ΟΔΟΦΡΑΓΜΑΤΑ ΕΙΣ ΣΟΥΗΔΙΑΝ ΠΡΟΣ ΑΝΑΚΑΛΥΨΙΝ ΤΩΝ ΦΟΝΕΩΝ ΤΟΥ ΓΙΟΥΓΚΟΣΛΑΒΟΥ ΠΡΕΣΒΕΥΤΟΥ

ΣΤΟΚΧΟΛΜΗ, 19. (Ρώυτερ).— Αἱ σουηδικαί ἀρχαί ἔστησαν ὁδοφράγματα εἰς τάς κυρίας ὁδούς.

Ἐπί τῆς ὑποθέσεως ταύτης ἐγένοντο σχετικαί δηλώσεις ὑπό τῶν ἁρμοδίων, οἱ ὁποῖοι ἐτόνισαν ὅτι τά μέτρα θά συνεχισθοῦν. Κατά τάς πληροφορίας, ἡ κατάστασις παρακολουθεῖται στενῶς καί θά ληφθοῦν αἱ ἀπαραίτητοι ἀποφάσεις ἐντός τῶν προσεχῶν ἡμερῶν. Ὡς ἐγνώσθη, ἡ σύσκεψις διήρκεσεν ἐπί μακρόν καί συνεζητήθησαν ὅλα τά θέματα.

ΟΙ ΒΡΕΤΑΝΝΟΙ ΑΔΥΝΑΤΟΥΝ ΝΑ ΕΠΙΒΑΛΛΟΥΝ ΤΗΝ ΤΑΞΙΝ ΕΙΣ ΤΗΝ ΒΟΡΕΙΟΝ ΙΡΛΑΝΔΙΑΝ

ΜΠΕΛΦΑΣΤ, 19. (Ἡνωμ. Τύπος).— Αἱ δυνάμεις ἀσφαλείας ἀδυνατοῦν νά ἐπιβάλλουν τήν τάξιν.

Ἐπί τῆς ὑποθέσεως ταύτης ἐγένοντο σχετικαί δηλώσεις ὑπό τῶν ἁρμοδίων, οἱ ὁποῖοι ἐτόνισαν ὅτι τά μέτρα θά συνεχισθοῦν. Κατά τάς πληροφορίας, ἡ κατάστασις παρακολουθεῖται στενῶς καί θά ληφθοῦν αἱ ἀπαραίτητοι ἀποφάσεις ἐντός τῶν προσεχῶν ἡμερῶν. Ὡς ἐγνώσθη, ἡ σύσκεψις διήρκεσεν ἐπί μακρόν καί συνεζητήθησαν ὅλα τά θέματα.

ΙΚΑΝΟΠΟΙΗΤΙΚΑΙ ΑΙ ΣΥΝΟΜΙΛΙΑΙ ΦΕΪ ΚΑΙ ΣΑΡΠ

Ἐπί τῆς ὑποθέσεως ταύτης ἐγένοντο σχετικαί δηλώσεις ὑπό τῶν ἁρμοδίων, οἱ ὁποῖοι ἐτόνισαν ὅτι τά μέτρα θά συνεχισθοῦν. Κατά τάς πληροφορίας, ἡ κατάστασις παρακολουθεῖται στενῶς καί θά ληφθοῦν αἱ ἀπαραίτητοι ἀποφάσεις ἐντός τῶν προσεχῶν ἡμερῶν. Ὡς ἐγνώσθη, ἡ σύσκεψις διήρκεσεν ἐπί μακρόν καί συνεζητήθησαν ὅλα τά θέματα.

ΝΕΟΣ ΔΟΡΥΦΟΡΟΣ ΤΗΣ ΣΕΙΡΑΣ «ΚΟΣΜΟΣ»
33.000 ΝΕΑ ΒΙΒΛΙΑ ΕΙΣ ΤΗΝ ΒΡΕΤΑΝΝΙΑΝ ΕΤΕΘΗΣΑΝ ΕΝΤΟΣ ΕΤΟΥΣ ΕΙΣ ΚΥΚΛΟΦΟΡΙΑΝ

Ἐπί τῆς ὑποθέσεως ταύτης ἐγένοντο σχετικαί δηλώσεις ὑπό τῶν ἁρμοδίων, οἱ ὁποῖοι ἐτόνισαν ὅτι τά μέτρα θά συνεχισθοῦν. Κατά τάς πληροφορίας, ἡ κατάστασις παρακολουθεῖται στενῶς καί θά ληφθοῦν αἱ ἀπαραίτητοι ἀποφάσεις ἐντός τῶν προσεχῶν ἡμερῶν. Ὡς ἐγνώσθη, ἡ σύσκεψις διήρκεσεν ἐπί μακρόν καί συνεζητήθησαν ὅλα τά θέματα.

ΣΥΝΕΧΙΖΕΤ ΤΟ ΛΙΜΕΝΑΡΧΕΙΟΝ ΤΟΥ ΠΕΙΡΑΙΩΣ ΤΗΝ ΕΠΙΘΕΩΡΗΣΙΝ ΤΩΝ ΕΠΙΒΑΤΗΓΩΝ ΣΚΑΦΩΝ

Ἐπί τῆς ὑποθέσεως ταύτης ἐγένοντο σχετικαί δηλώσεις ὑπό τῶν ἁρμοδίων, οἱ ὁποῖοι ἐτόνισαν ὅτι τά μέτρα θά συνεχισθοῦν. Κατά τάς πληροφορίας, ἡ κατάστασις παρακολουθεῖται στενῶς καί θά ληφθοῦν αἱ ἀπαραίτητοι ἀποφάσεις ἐντός τῶν προσεχῶν ἡμερῶν. Ὡς ἐγνώσθη, ἡ σύσκεψις διήρκεσεν ἐπί μακρόν καί συνεζητήθησαν ὅλα τά θέματα.

Ἐπί τῆς ὑποθέσεως ταύτης ἐγένοντο σχετικαί δηλώσεις ὑπό τῶν ἁρμοδίων, οἱ ὁποῖοι ἐτόνισαν ὅτι τά μέτρα θά συνεχισθοῦν. Κατά τάς πληροφορίας, ἡ κατάστασις παρακολουθεῖται στενῶς καί θά ληφθοῦν αἱ ἀπαραίτητοι ἀποφάσεις ἐντός τῶν προσεχῶν ἡμερῶν. Ὡς ἐγνώσθη, ἡ σύσκεψις διήρκεσεν ἐπί μακρόν καί συνεζητήθησαν ὅλα τά θέματα.
